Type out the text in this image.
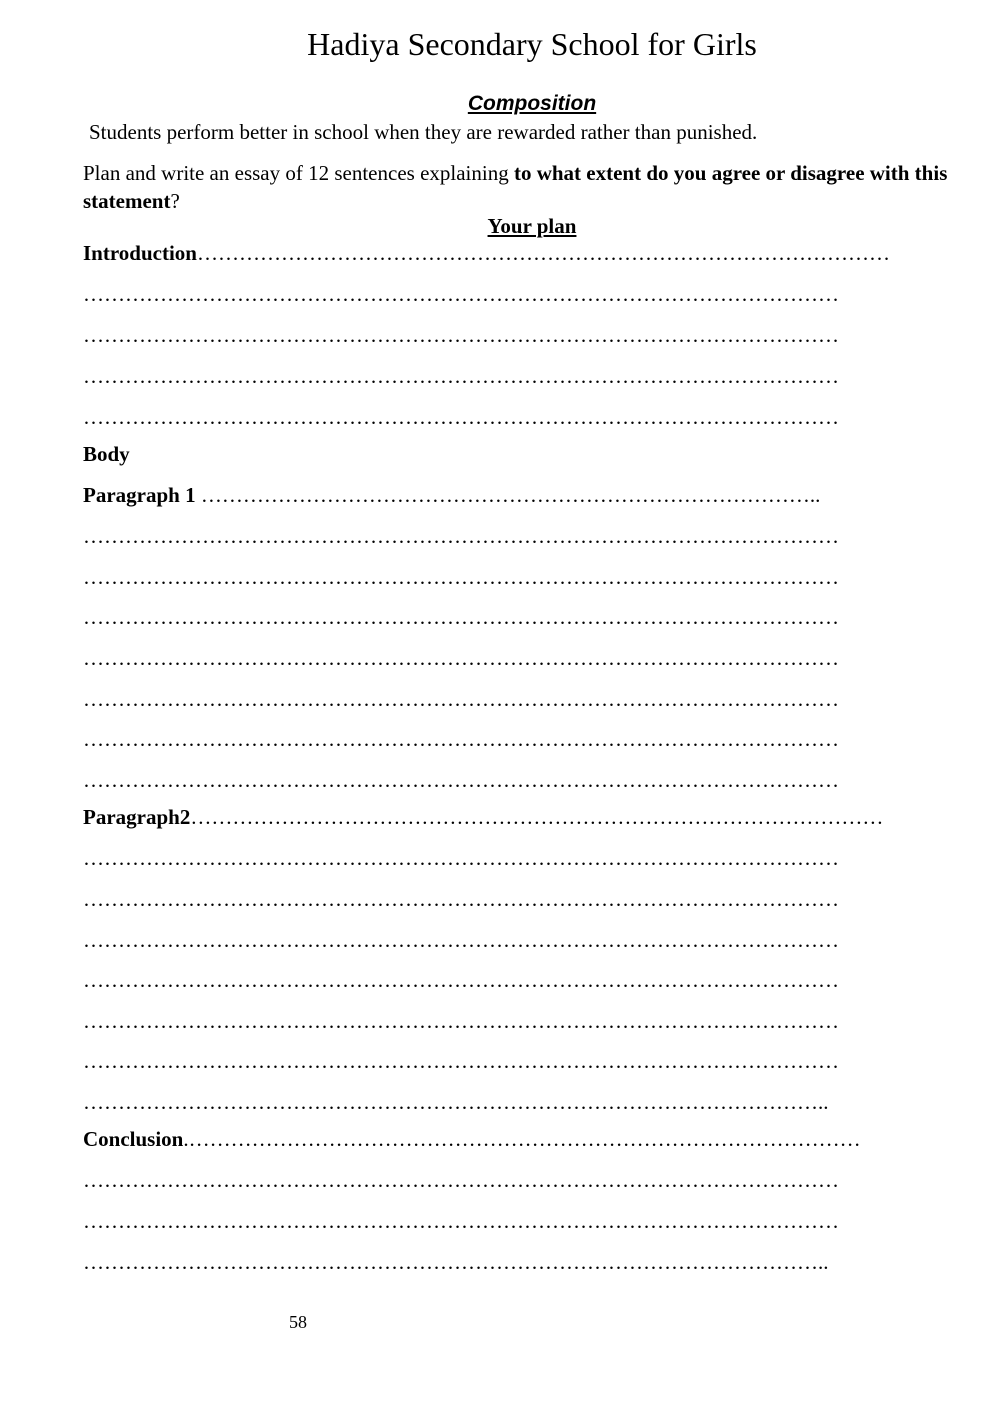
Hadiya Secondary School for Girls
Composition
Students perform better in school when they are rewarded rather than punished.
Plan and write an essay of 12 sentences explaining to what extent do you agree or disagree with this statement?
Your plan
Introduction………………………………………………………………………………………
………………………………………………………………………………………………
………………………………………………………………………………………………
………………………………………………………………………………………………
………………………………………………………………………………………………
Body
Paragraph 1 ……………………………………………………………………………..
………………………………………………………………………………………………
………………………………………………………………………………………………
………………………………………………………………………………………………
………………………………………………………………………………………………
………………………………………………………………………………………………
………………………………………………………………………………………………
………………………………………………………………………………………………
Paragraph2………………………………………………………………………………………
………………………………………………………………………………………………
………………………………………………………………………………………………
………………………………………………………………………………………………
………………………………………………………………………………………………
………………………………………………………………………………………………
………………………………………………………………………………………………
……………………………………………………………………………………………..
Conclusion.……………………………………………………………………………………
………………………………………………………………………………………………
………………………………………………………………………………………………
……………………………………………………………………………………………..
58
